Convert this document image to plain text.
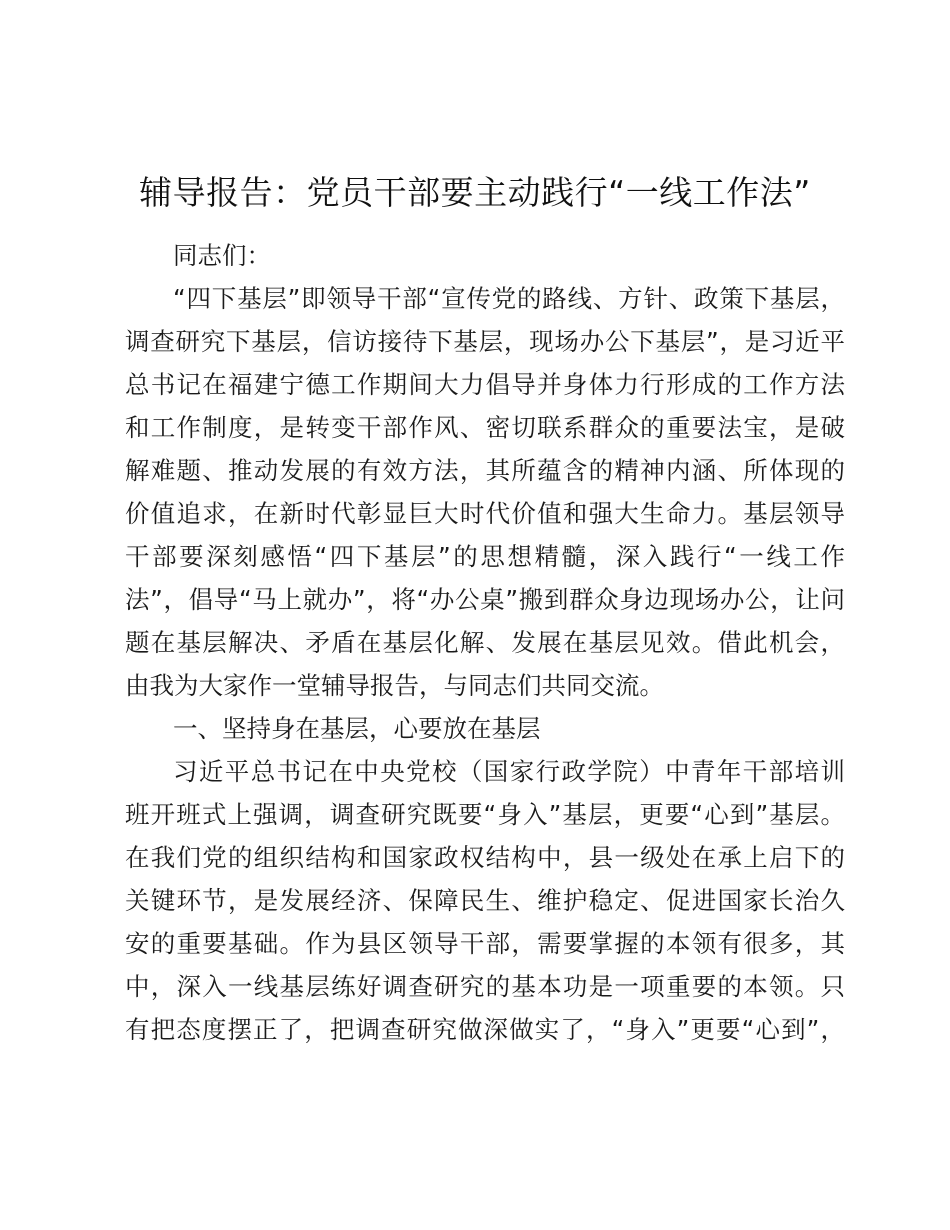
辅导报告：党员干部要主动践行“一线工作法”
同志们：
“四下基层”即领导干部“宣传党的路线、方针、政策下基层，
调查研究下基层，信访接待下基层，现场办公下基层”，是习近平
总书记在福建宁德工作期间大力倡导并身体力行形成的工作方法
和工作制度，是转变干部作风、密切联系群众的重要法宝，是破
解难题、推动发展的有效方法，其所蕴含的精神内涵、所体现的
价值追求，在新时代彰显巨大时代价值和强大生命力。基层领导
干部要深刻感悟“四下基层”的思想精髓，深入践行“一线工作
法”，倡导“马上就办”，将“办公桌”搬到群众身边现场办公，让问
题在基层解决、矛盾在基层化解、发展在基层见效。借此机会，
由我为大家作一堂辅导报告，与同志们共同交流。
一、坚持身在基层，心要放在基层
习近平总书记在中央党校（国家行政学院）中青年干部培训
班开班式上强调，调查研究既要“身入”基层，更要“心到”基层。
在我们党的组织结构和国家政权结构中，县一级处在承上启下的
关键环节，是发展经济、保障民生、维护稳定、促进国家长治久
安的重要基础。作为县区领导干部，需要掌握的本领有很多，其
中，深入一线基层练好调查研究的基本功是一项重要的本领。只
有把态度摆正了，把调查研究做深做实了，“身入”更要“心到”，
